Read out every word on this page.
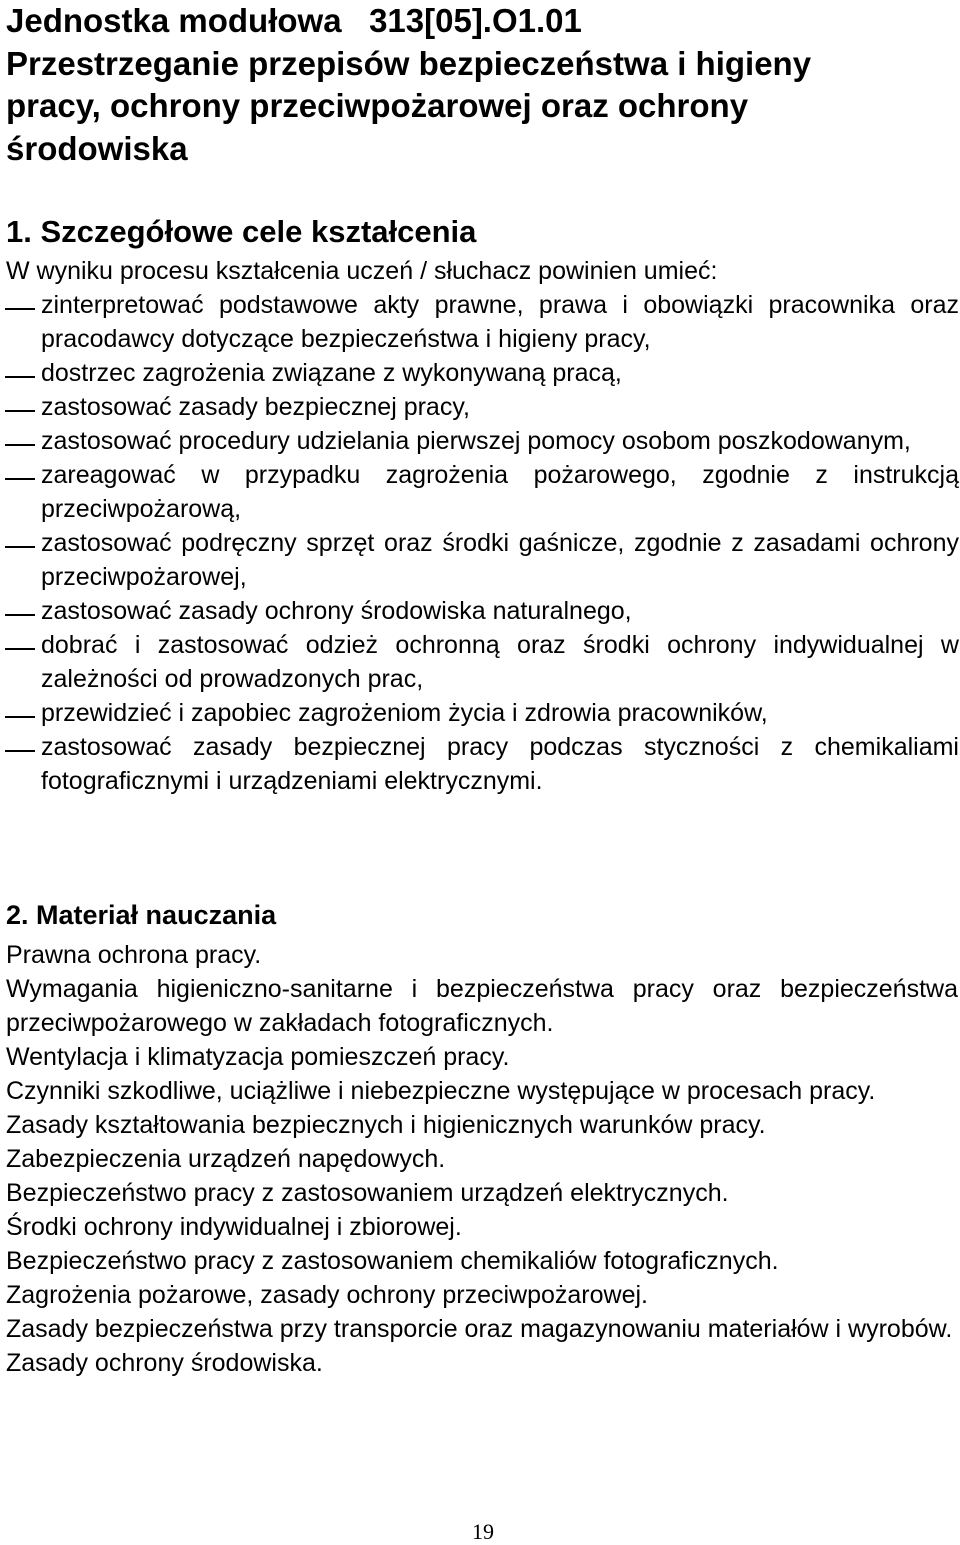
Jednostka modułowa   313[05].O1.01
Przestrzeganie przepisów bezpieczeństwa i higieny
pracy, ochrony przeciwpożarowej oraz ochrony
środowiska
1. Szczegółowe cele kształcenia

W wyniku procesu kształcenia uczeń / słuchacz powinien umieć:

zinterpretować podstawowe akty prawne, prawa i obowiązki pracownika oraz pracodawcy dotyczące bezpieczeństwa i higieny pracy,
dostrzec zagrożenia związane z wykonywaną pracą,
zastosować zasady bezpiecznej pracy,
zastosować procedury udzielania pierwszej pomocy osobom poszkodowanym,
zareagować w przypadku zagrożenia pożarowego, zgodnie z instrukcją przeciwpożarową,
zastosować podręczny sprzęt oraz środki gaśnicze, zgodnie z zasadami ochrony przeciwpożarowej,
zastosować zasady ochrony środowiska naturalnego,
dobrać i zastosować odzież ochronną oraz środki ochrony indywidualnej w zależności od prowadzonych prac,
przewidzieć i zapobiec zagrożeniom życia i zdrowia pracowników,
zastosować zasady bezpiecznej pracy podczas styczności z chemikaliami fotograficznymi i urządzeniami elektrycznymi.
2. Materiał nauczania
Prawna ochrona pracy.
Wymagania higieniczno-sanitarne i bezpieczeństwa pracy oraz bezpieczeństwa przeciwpożarowego w zakładach fotograficznych.
Wentylacja i klimatyzacja pomieszczeń pracy.
Czynniki szkodliwe, uciążliwe i niebezpieczne występujące w procesach pracy.
Zasady kształtowania bezpiecznych i higienicznych warunków pracy.
Zabezpieczenia urządzeń napędowych.
Bezpieczeństwo pracy z zastosowaniem urządzeń elektrycznych.
Środki ochrony indywidualnej i zbiorowej.
Bezpieczeństwo pracy z zastosowaniem chemikaliów fotograficznych.
Zagrożenia pożarowe, zasady ochrony przeciwpożarowej.
Zasady bezpieczeństwa przy transporcie oraz magazynowaniu materiałów i wyrobów.
Zasady ochrony środowiska.
19
